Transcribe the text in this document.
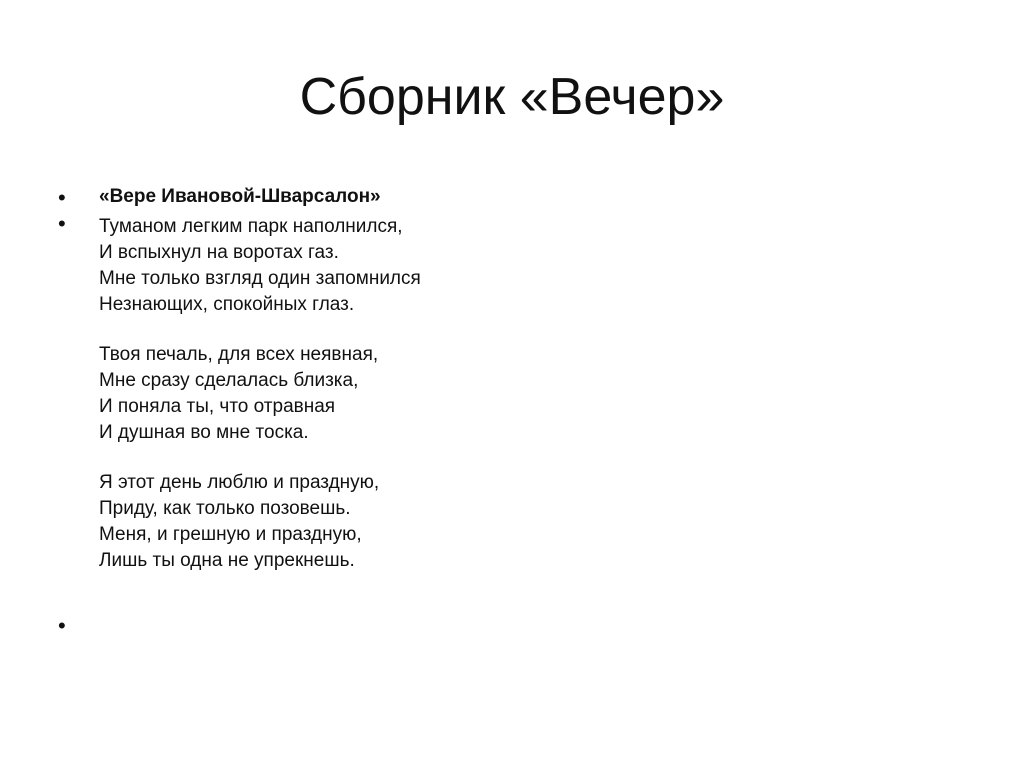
Сборник «Вечер»
• «Вере Ивановой-Шварсалон»
• Туманом легким парк наполнился,
И вспыхнул на воротах газ.
Мне только взгляд один запомнился
Незнающих, спокойных глаз.
Твоя печаль, для всех неявная,
Мне сразу сделалась близка,
И поняла ты, что отравная
И душная во мне тоска.
Я этот день люблю и праздную,
Приду, как только позовешь.
Меня, и грешную и праздную,
Лишь ты одна не упрекнешь.
•
